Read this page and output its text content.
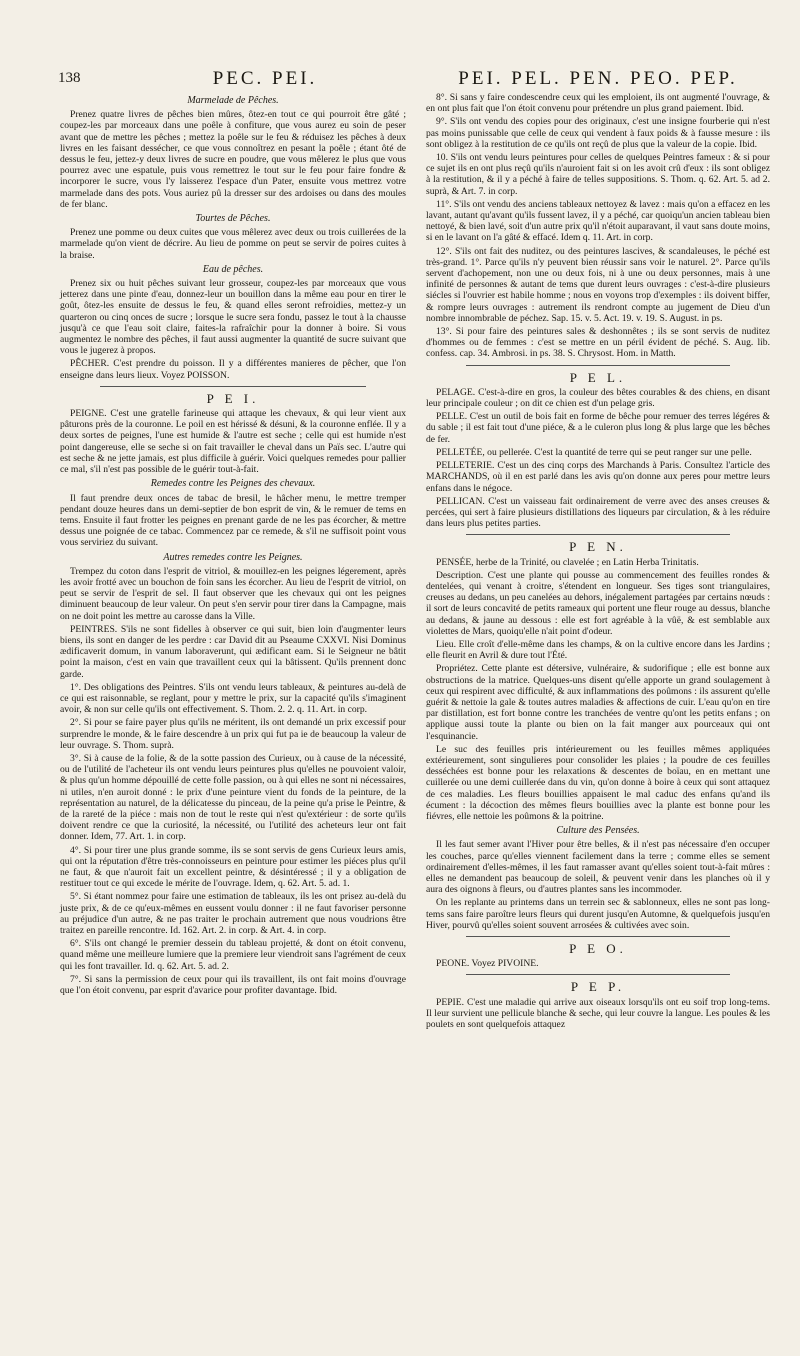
138	PEC. PEI.	PEI. PEL. PEN. PEO. PEP.
Marmelade de Pêches.

Prenez quatre livres de pêches bien mûres, ôtez-en tout ce qui pourroit être gâté ; coupez-les par morceaux dans une poêle à confiture, que vous aurez eu soin de peser avant que de mettre les pêches ; mettez la poêle sur le feu & réduisez les pêches à deux livres en les faisant dessécher, ce que vous connoîtrez en pesant la poêle ; étant ôté de dessus le feu, jettez-y deux livres de sucre en poudre, que vous mêlerez le plus que vous pourrez avec une espatule, puis vous remettrez le tout sur le feu pour faire fondre & incorporer le sucre, vous l'y laisserez l'espace d'un Pater, ensuite vous mettrez votre marmelade dans des pots. Vous auriez pû la dresser sur des ardoises ou dans des moules de fer blanc.

Tourtes de Pêches.

Prenez une pomme ou deux cuites que vous mêlerez avec deux ou trois cuillerées de la marmelade qu'on vient de décrire. Au lieu de pomme on peut se servir de poires cuites à la braise.

Eau de pêches.

Prenez six ou huit pêches suivant leur grosseur, coupez-les par morceaux que vous jetterez dans une pinte d'eau, donnez-leur un bouillon dans la même eau pour en tirer le goût, ôtez-les ensuite de dessus le feu, & quand elles seront refroidies, mettez-y un quarteron ou cinq onces de sucre ; lorsque le sucre sera fondu, passez le tout à la chausse jusqu'à ce que l'eau soit claire, faites-la rafraîchir pour la donner à boire. Si vous augmentez le nombre des pêches, il faut aussi augmenter la quantité de sucre suivant que vous le jugerez à propos.

PÊCHER. C'est prendre du poisson. Il y a différentes manieres de pêcher, que l'on enseigne dans leurs lieux. Voyez POISSON.

P E I.

PEIGNE. C'est une gratelle farineuse qui attaque les chevaux, & qui leur vient aux pâturons près de la couronne. Le poil en est hérissé & désuni, & la couronne enflée. Il y a deux sortes de peignes, l'une est humide & l'autre est seche ; celle qui est humide n'est point dangereuse, elle se seche si on fait travailler le cheval dans un Païs sec. L'autre qui est seche & ne jette jamais, est plus difficile à guérir. Voici quelques remedes pour pallier ce mal, s'il n'est pas possible de le guérir tout-à-fait.

Remedes contre les Peignes des chevaux.

Il faut prendre deux onces de tabac de bresil, le hâcher menu, le mettre tremper pendant douze heures dans un demi-septier de bon esprit de vin, & le remuer de tems en tems. Ensuite il faut frotter les peignes en prenant garde de ne les pas écorcher, & mettre dessus une poignée de ce tabac. Commencez par ce remede, & s'il ne suffisoit point vous vous serviriez du suivant.

Autres remedes contre les Peignes.

Trempez du coton dans l'esprit de vitriol, & mouillez-en les peignes légerement, après les avoir frotté avec un bouchon de foin sans les écorcher. Au lieu de l'esprit de vitriol, on peut se servir de l'esprit de sel. Il faut observer que les chevaux qui ont les peignes diminuent beaucoup de leur valeur. On peut s'en servir pour tirer dans la Campagne, mais on ne doit point les mettre au carosse dans la Ville.

PEINTRES. S'ils ne sont fidelles à observer ce qui suit, bien loin d'augmenter leurs biens, ils sont en danger de les perdre : car David dit au Pseaume CXXVI. Nisi Dominus ædificaverit domum, in vanum laboraverunt, qui ædificant eam. Si le Seigneur ne bâtit point la maison, c'est en vain que travaillent ceux qui la bâtissent. Qu'ils prennent donc garde.

1°. Des obligations des Peintres. S'ils ont vendu leurs tableaux, & peintures au-delà de ce qui est raisonnable, se reglant, pour y mettre le prix, sur la capacité qu'ils s'imaginent avoir, & non sur celle qu'ils ont effectivement. S. Thom. 2. 2. q. 11. Art. in corp.

2°. Si pour se faire payer plus qu'ils ne méritent, ils ont demandé un prix excessif pour surprendre le monde, & le faire descendre à un prix qui fut pa ie de beaucoup la valeur de leur ouvrage. S. Thom. suprà.

3°. Si à cause de la folie, & de la sotte passion des Curieux, ou à cause de la nécessité, ou de l'utilité de l'acheteur ils ont vendu leurs peintures plus qu'elles ne pouvoient valoir, & plus qu'un homme dépouillé de cette folle passion, ou à qui elles ne sont ni nécessaires, ni utiles, n'en auroit donné : le prix d'une peinture vient du fonds de la peinture, de la représentation au naturel, de la délicatesse du pinceau, de la peine qu'a prise le Peintre, & de la rareté de la piéce : mais non de tout le reste qui n'est qu'extérieur : de sorte qu'ils doivent rendre ce que la curiosité, la nécessité, ou l'utilité des acheteurs leur ont fait donner. Idem, 77. Art. 1. in corp.

4°. Si pour tirer une plus grande somme, ils se sont servis de gens Curieux leurs amis, qui ont la réputation d'être très-connoisseurs en peinture pour estimer les piéces plus qu'il ne faut, & que n'auroit fait un excellent peintre, & désintéressé ; il y a obligation de restituer tout ce qui excede le mérite de l'ouvrage. Idem, q. 62. Art. 5. ad. 1.

5°. Si étant nommez pour faire une estimation de tableaux, ils les ont prisez au-delà du juste prix, & de ce qu'eux-mêmes en eussent voulu donner : il ne faut favoriser personne au préjudice d'un autre, & ne pas traiter le prochain autrement que nous voudrions être traitez en pareille rencontre. Id. 162. Art. 2. in corp. & Art. 4. in corp.

6°. S'ils ont changé le premier dessein du tableau projetté, & dont on étoit convenu, quand même une meilleure lumiere que la premiere leur viendroit sans l'agrément de ceux qui les font travailler. Id. q. 62. Art. 5. ad. 2.

7°. Si sans la permission de ceux pour qui ils travaillent, ils ont fait moins d'ouvrage que l'on étoit convenu, par esprit d'avarice pour profiter davantage. Ibid.

8°. Si sans y faire condescendre ceux qui les emploient, ils ont augmenté l'ouvrage, & en ont plus fait que l'on étoit convenu pour prétendre un plus grand paiement. Ibid.

9°. S'ils ont vendu des copies pour des originaux, c'est une insigne fourberie qui n'est pas moins punissable que celle de ceux qui vendent à faux poids & à fausse mesure : ils sont obligez à la restitution de ce qu'ils ont reçû de plus que la valeur de la copie. Ibid.

10. S'ils ont vendu leurs peintures pour celles de quelques Peintres fameux : & si pour ce sujet ils en ont plus reçû qu'ils n'auroient fait si on les avoit crû d'eux : ils sont obligez à la restitution, & il y a péché à faire de telles suppositions. S. Thom. q. 62. Art. 5. ad 2. suprà, & Art. 7. in corp.

11°. S'ils ont vendu des anciens tableaux nettoyez & lavez : mais qu'on a effacez en les lavant, autant qu'avant qu'ils fussent lavez, il y a péché, car quoiqu'un ancien tableau bien nettoyé, & bien lavé, soit d'un autre prix qu'il n'étoit auparavant, il vaut sans doute moins, si en le lavant on l'a gâté & effacé. Idem q. 11. Art. in corp.

12°. S'ils ont fait des nuditez, ou des peintures lascives, & scandaleuses, le péché est très-grand. 1°. Parce qu'ils n'y peuvent bien réussir sans voir le naturel. 2°. Parce qu'ils servent d'achopement, non une ou deux fois, ni à une ou deux personnes, mais à une infinité de personnes & autant de tems que durent leurs ouvrages : c'est-à-dire plusieurs siécles si l'ouvrier est habile homme ; nous en voyons trop d'exemples : ils doivent biffer, & rompre leurs ouvrages : autrement ils rendront compte au jugement de Dieu d'un nombre innombrable de péchez. Sap. 15. v. 5. Act. 19. v. 19. S. August. in ps.

13°. Si pour faire des peintures sales & deshonnêtes ; ils se sont servis de nuditez d'hommes ou de femmes : c'est se mettre en un péril évident de péché. S. Aug. lib. confess. cap. 34. Ambrosi. in ps. 38. S. Chrysost. Hom. in Matth.

P E L.

PELAGE. C'est-à-dire en gros, la couleur des bêtes courables & des chiens, en disant leur principale couleur ; on dit ce chien est d'un pelage gris.

PELLE. C'est un outil de bois fait en forme de bêche pour remuer des terres légéres & du sable ; il est fait tout d'une piéce, & a le culeron plus long & plus large que les bêches de fer.

PELLETÉE, ou pellerée. C'est la quantité de terre qui se peut ranger sur une pelle.

PELLETERIE. C'est un des cinq corps des Marchands à Paris. Consultez l'article des MARCHANDS, où il en est parlé dans les avis qu'on donne aux peres pour mettre leurs enfans dans le négoce.

PELLICAN. C'est un vaisseau fait ordinairement de verre avec des anses creuses & percées, qui sert à faire plusieurs distillations des liqueurs par circulation, & à les réduire dans leurs plus petites parties.

P E N.

PENSÉE, herbe de la Trinité, ou clavelée ; en Latin Herba Trinitatis.

Description. C'est une plante qui pousse au commencement des feuilles rondes & dentelées, qui venant à croitre, s'étendent en longueur. Ses tiges sont triangulaires, creuses au dedans, un peu canelées au dehors, inégalement partagées par certains nœuds : il sort de leurs concavité de petits rameaux qui portent une fleur rouge au dessus, blanche au dedans, & jaune au dessous : elle est fort agréable à la vûë, & est semblable aux violettes de Mars, quoiqu'elle n'ait point d'odeur.

Lieu. Elle croît d'elle-même dans les champs, & on la cultive encore dans les Jardins ; elle fleurit en Avril & dure tout l'Été.

Propriétez. Cette plante est détersive, vulnéraire, & sudorifique ; elle est bonne aux obstructions de la matrice. Quelques-uns disent qu'elle apporte un grand soulagement à ceux qui respirent avec difficulté, & aux inflammations des poûmons : ils assurent qu'elle guérit & nettoie la gale & toutes autres maladies & affections de cuir. L'eau qu'on en tire par distillation, est fort bonne contre les tranchées de ventre qu'ont les petits enfans ; on applique aussi toute la plante ou bien on la fait manger aux pourceaux qui ont l'esquinancie.

Le suc des feuilles pris intérieurement ou les feuilles mêmes appliquées extérieurement, sont singulieres pour consolider les plaies ; la poudre de ces feuilles desséchées est bonne pour les relaxations & descentes de boïau, en en mettant une cuillerée ou une demi cuillerée dans du vin, qu'on donne à boire à ceux qui sont attaquez de ces maladies. Les fleurs bouillies appaisent le mal caduc des enfans qu'and ils écument : la décoction des mêmes fleurs bouillies avec la plante est bonne pour les fiévres, elle nettoie les poûmons & la poitrine.

Culture des Pensées.

Il les faut semer avant l'Hiver pour être belles, & il n'est pas nécessaire d'en occuper les couches, parce qu'elles viennent facilement dans la terre ; comme elles se sement ordinairement d'elles-mêmes, il les faut ramasser avant qu'elles soient tout-à-fait mûres : elles ne demandent pas beaucoup de soleil, & peuvent venir dans les planches où il y aura des oignons à fleurs, ou d'autres plantes sans les incommoder.

On les replante au printems dans un terrein sec & sablonneux, elles ne sont pas long-tems sans faire paroître leurs fleurs qui durent jusqu'en Automne, & quelquefois jusqu'en Hiver, pourvû qu'elles soient souvent arrosées & cultivées avec soin.

P E O.

PEONE. Voyez PIVOINE.

P E P.

PEPIE. C'est une maladie qui arrive aux oiseaux lorsqu'ils ont eu soif trop long-tems. Il leur survient une pellicule blanche & seche, qui leur couvre la langue. Les poules & les poulets en sont quelquefois attaquez
